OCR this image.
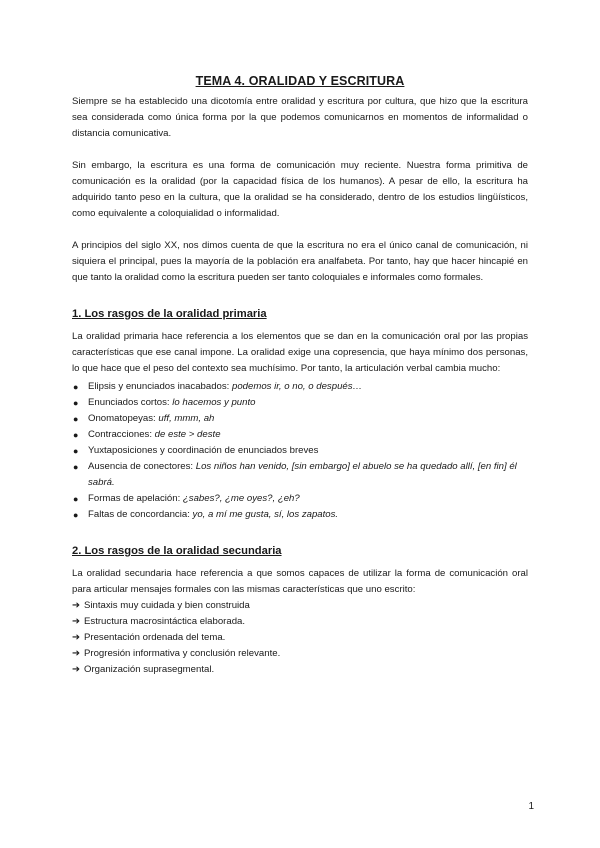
TEMA 4. ORALIDAD Y ESCRITURA

Siempre se ha establecido una dicotomía entre oralidad y escritura por cultura, que hizo que la escritura sea considerada como única forma por la que podemos comunicarnos en momentos de informalidad o distancia comunicativa.

Sin embargo, la escritura es una forma de comunicación muy reciente. Nuestra forma primitiva de comunicación es la oralidad (por la capacidad física de los humanos). A pesar de ello, la escritura ha adquirido tanto peso en la cultura, que la oralidad se ha considerado, dentro de los estudios lingüísticos, como equivalente a coloquialidad o informalidad.

A principios del siglo XX, nos dimos cuenta de que la escritura no era el único canal de comunicación, ni siquiera el principal, pues la mayoría de la población era analfabeta. Por tanto, hay que hacer hincapié en que tanto la oralidad como la escritura pueden ser tanto coloquiales e informales como formales.

1. Los rasgos de la oralidad primaria

La oralidad primaria hace referencia a los elementos que se dan en la comunicación oral por las propias características que ese canal impone. La oralidad exige una copresencia, que haya mínimo dos personas, lo que hace que el peso del contexto sea muchísimo. Por tanto, la articulación verbal cambia mucho:

● Elipsis y enunciados inacabados: podemos ir, o no, o después…
● Enunciados cortos: lo hacemos y punto
● Onomatopeyas: uff, mmm, ah
● Contracciones: de este > deste
● Yuxtaposiciones y coordinación de enunciados breves
● Ausencia de conectores: Los niños han venido, [sin embargo] el abuelo se ha quedado allí, [en fin] él sabrá.
● Formas de apelación: ¿sabes?, ¿me oyes?, ¿eh?
● Faltas de concordancia: yo, a mí me gusta, sí, los zapatos.
2. Los rasgos de la oralidad secundaria

La oralidad secundaria hace referencia a que somos capaces de utilizar la forma de comunicación oral para articular mensajes formales con las mismas características que uno escrito:

➔ Sintaxis muy cuidada y bien construida
➔ Estructura macrosintáctica elaborada.
➔ Presentación ordenada del tema.
➔ Progresión informativa y conclusión relevante.
➔ Organización suprasegmental.
1
